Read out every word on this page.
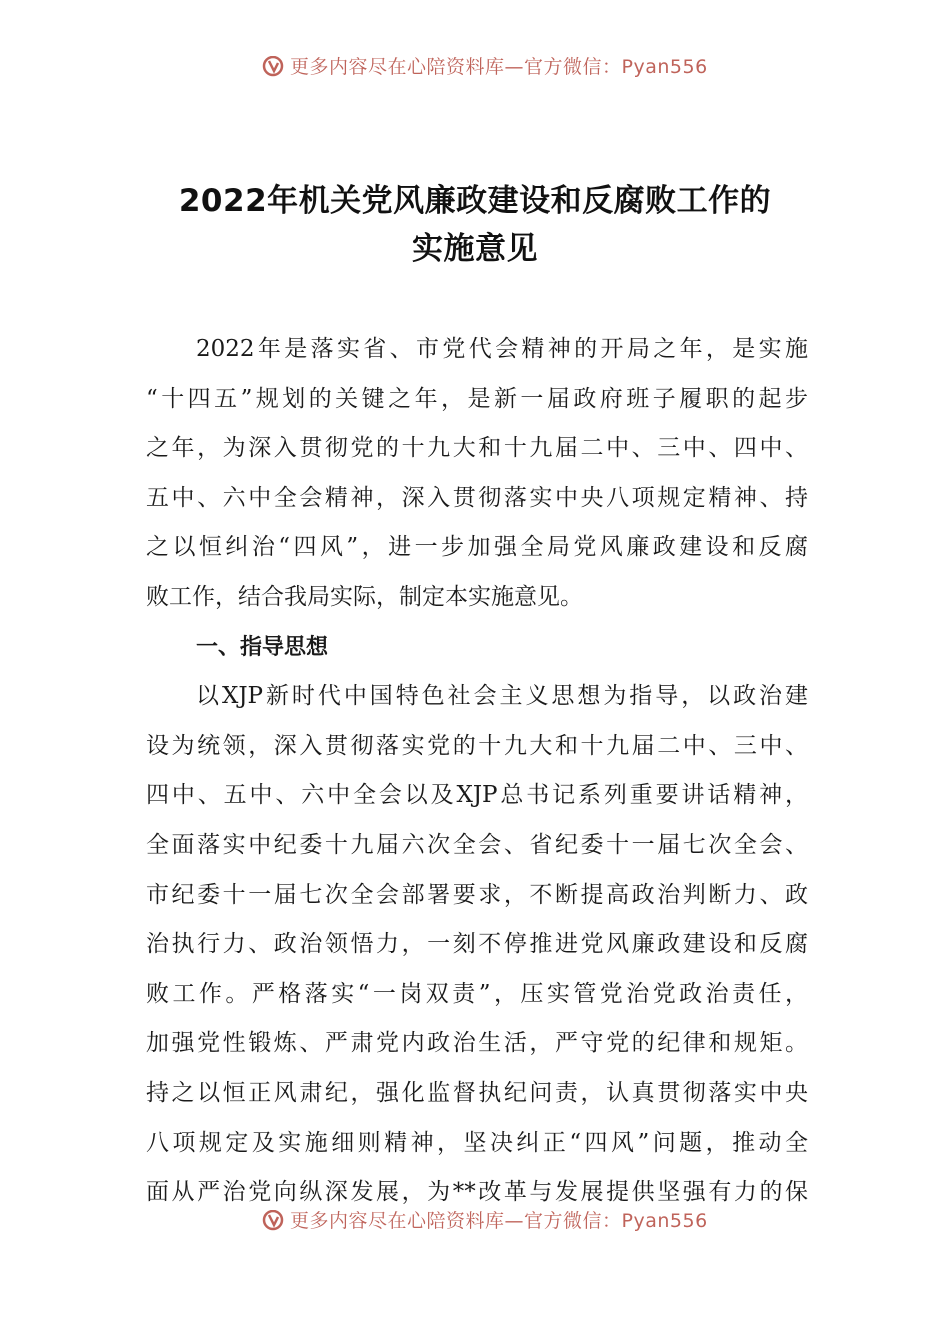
更多内容尽在心陪资料库—官方微信：Pyan556
2022年机关党风廉政建设和反腐败工作的
实施意见
2022年是落实省、市党代会精神的开局之年，是实施
“十四五”规划的关键之年，是新一届政府班子履职的起步
之年，为深入贯彻党的十九大和十九届二中、三中、四中、
五中、六中全会精神，深入贯彻落实中央八项规定精神、持
之以恒纠治“四风”，进一步加强全局党风廉政建设和反腐
败工作，结合我局实际，制定本实施意见。
一、指导思想
以XJP新时代中国特色社会主义思想为指导，以政治建
设为统领，深入贯彻落实党的十九大和十九届二中、三中、
四中、五中、六中全会以及XJP总书记系列重要讲话精神，
全面落实中纪委十九届六次全会、省纪委十一届七次全会、
市纪委十一届七次全会部署要求，不断提高政治判断力、政
治执行力、政治领悟力，一刻不停推进党风廉政建设和反腐
败工作。严格落实“一岗双责”，压实管党治党政治责任，
加强党性锻炼、严肃党内政治生活，严守党的纪律和规矩。
持之以恒正风肃纪，强化监督执纪问责，认真贯彻落实中央
八项规定及实施细则精神，坚决纠正“四风”问题，推动全
面从严治党向纵深发展，为**改革与发展提供坚强有力的保
更多内容尽在心陪资料库—官方微信：Pyan556
